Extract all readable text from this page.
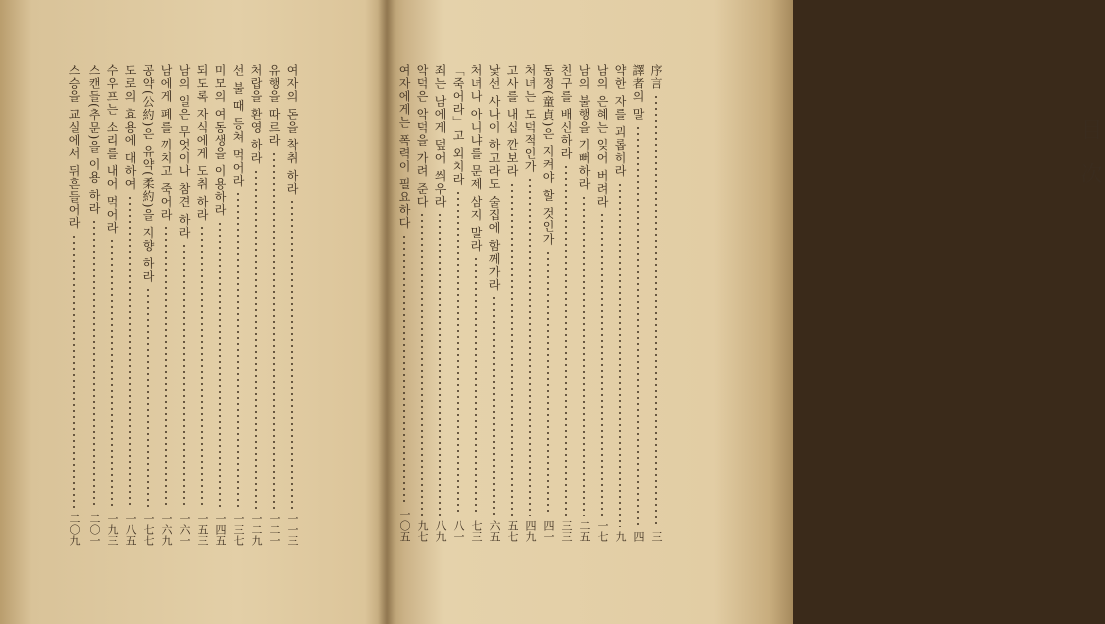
目次
序言
三
譯者의 말
四
약한 자를 괴롭히라
九
남의 은혜는 잊어 버려라
一七
남의 불행을 기뻐하라
二五
친구를 배신하라
三三
동정(童貞)은 지켜야 할 것인가
四一
처녀는 도덕적인가
四九
고사를 내십 깐보라
五七
낯선 사나이 하고라도 술집에 함께가라
六五
처녀나 아니냐를 문제 삼지 말라
七三
「죽어라」고 외치라
八一
죄는 남에게 덮어 씌우라
八九
악덕은 악덕을 가려 준다
九七
여자에게는 폭력이 필요하다
一〇五
여자의 돈을 착취 하라
一一三
유행을 따르라
一二一
처랍을 환영 하라
一二九
선 불 때 등쳐 먹어라
一三七
미모의 여동생을 이용하라
一四五
되도록 자식에게 도취 하라
一五三
남의 일은 무엇이나 참견 하라
一六一
남에게 폐를 끼치고 죽어라
一六九
공약(公約)은 유약(柔約)을 지향 하라
一七七
도로의 효용에 대하여
一八五
수우프는 소리를 내어 먹어라
一九三
스캔들(추문)을 이용 하라
二〇一
스승을 교실에서 뒤흔들어라
二〇九
